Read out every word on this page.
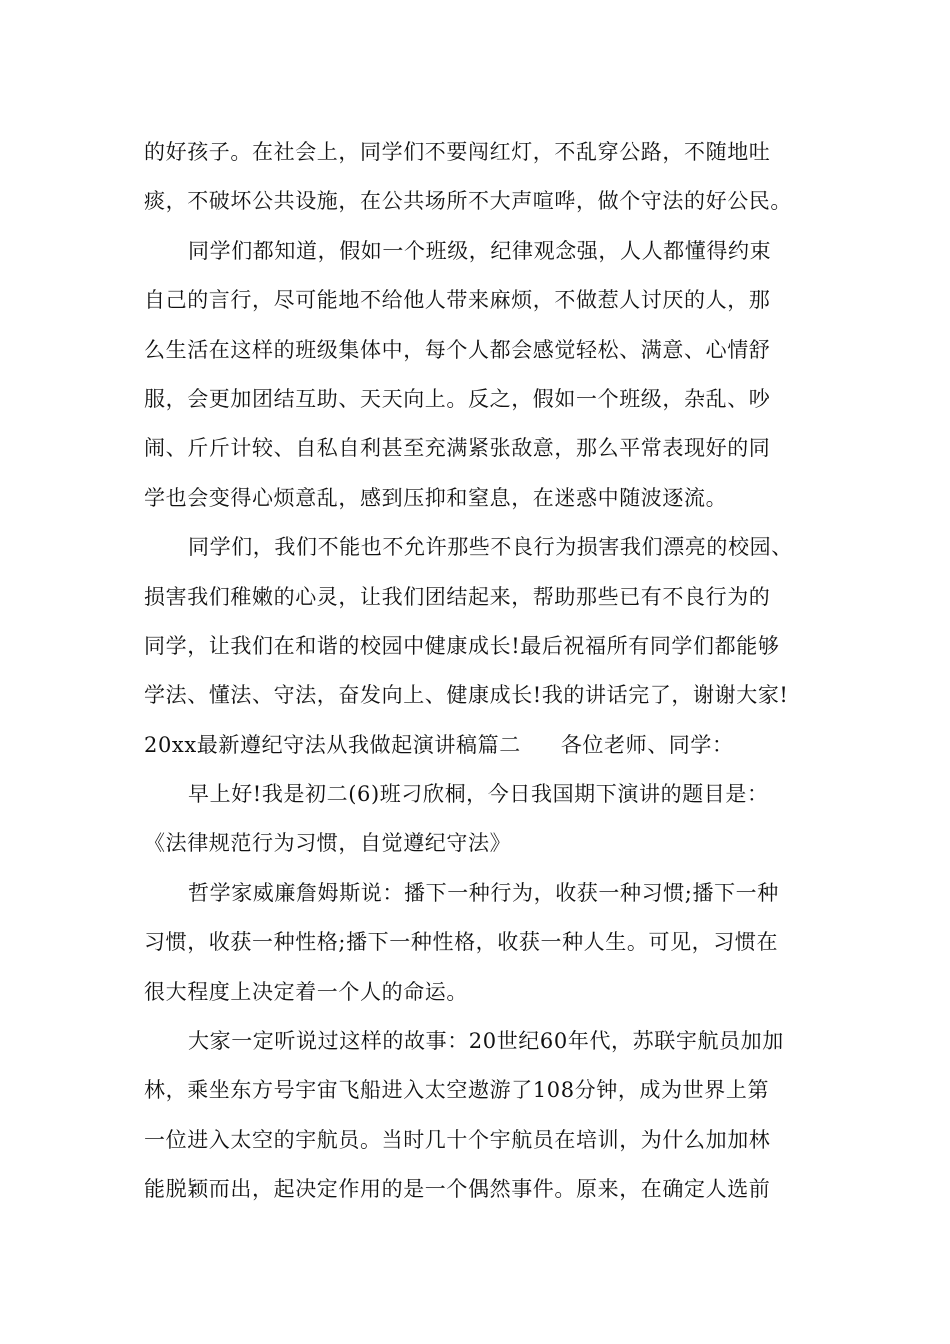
的好孩子。在社会上，同学们不要闯红灯，不乱穿公路，不随地吐
痰，不破坏公共设施，在公共场所不大声喧哗，做个守法的好公民。
同学们都知道，假如一个班级，纪律观念强，人人都懂得约束
自己的言行，尽可能地不给他人带来麻烦，不做惹人讨厌的人，那
么生活在这样的班级集体中，每个人都会感觉轻松、满意、心情舒
服，会更加团结互助、天天向上。反之，假如一个班级，杂乱、吵
闹、斤斤计较、自私自利甚至充满紧张敌意，那么平常表现好的同
学也会变得心烦意乱，感到压抑和窒息，在迷惑中随波逐流。
同学们，我们不能也不允许那些不良行为损害我们漂亮的校园、
损害我们稚嫩的心灵，让我们团结起来，帮助那些已有不良行为的
同学，让我们在和谐的校园中健康成长!最后祝福所有同学们都能够
学法、懂法、守法，奋发向上、健康成长!我的讲话完了，谢谢大家!
20xx最新遵纪守法从我做起演讲稿篇二 各位老师、同学：
早上好!我是初二(6)班刁欣桐，今日我国期下演讲的题目是：
《法律规范行为习惯，自觉遵纪守法》
哲学家威廉詹姆斯说：播下一种行为，收获一种习惯;播下一种
习惯，收获一种性格;播下一种性格，收获一种人生。可见，习惯在
很大程度上决定着一个人的命运。
大家一定听说过这样的故事：20世纪60年代，苏联宇航员加加
林，乘坐东方号宇宙飞船进入太空遨游了108分钟，成为世界上第
一位进入太空的宇航员。当时几十个宇航员在培训，为什么加加林
能脱颖而出，起决定作用的是一个偶然事件。原来，在确定人选前
